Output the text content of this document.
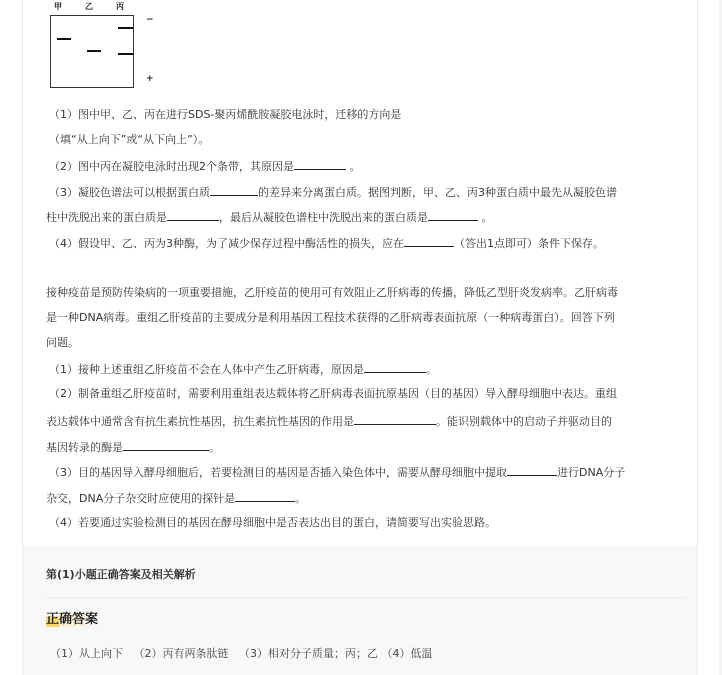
甲	乙	丙
−
+
（1）图中甲、乙、丙在进行SDS-聚丙烯酰胺凝胶电泳时，迁移的方向是
（填“从上向下”或“从下向上”）。
（2）图中丙在凝胶电泳时出现2个条带，其原因是	。
（3）凝胶色谱法可以根据蛋白质	的差异来分离蛋白质。据图判断，甲、乙、丙3种蛋白质中最先从凝胶色谱
柱中洗脱出来的蛋白质是	，最后从凝胶色谱柱中洗脱出来的蛋白质是	。
（4）假设甲、乙、丙为3种酶，为了减少保存过程中酶活性的损失，应在	（答出1点即可）条件下保存。
接种疫苗是预防传染病的一项重要措施，乙肝疫苗的使用可有效阻止乙肝病毒的传播，降低乙型肝炎发病率。乙肝病毒
是一种DNA病毒。重组乙肝疫苗的主要成分是利用基因工程技术获得的乙肝病毒表面抗原（一种病毒蛋白）。回答下列
问题。
（1）接种上述重组乙肝疫苗不会在人体中产生乙肝病毒，原因是	。
（2）制备重组乙肝疫苗时，需要利用重组表达载体将乙肝病毒表面抗原基因（目的基因）导入酵母细胞中表达。重组
表达载体中通常含有抗生素抗性基因，抗生素抗性基因的作用是	。能识别载体中的启动子并驱动目的
基因转录的酶是	。
（3）目的基因导入酵母细胞后，若要检测目的基因是否插入染色体中，需要从酵母细胞中提取	进行DNA分子
杂交，DNA分子杂交时应使用的探针是	。
（4）若要通过实验检测目的基因在酵母细胞中是否表达出目的蛋白，请简要写出实验思路。
第(1)小题正确答案及相关解析
正确答案
（1）从上向下   （2）丙有两条肽链   （3）相对分子质量；丙；乙 （4）低温
